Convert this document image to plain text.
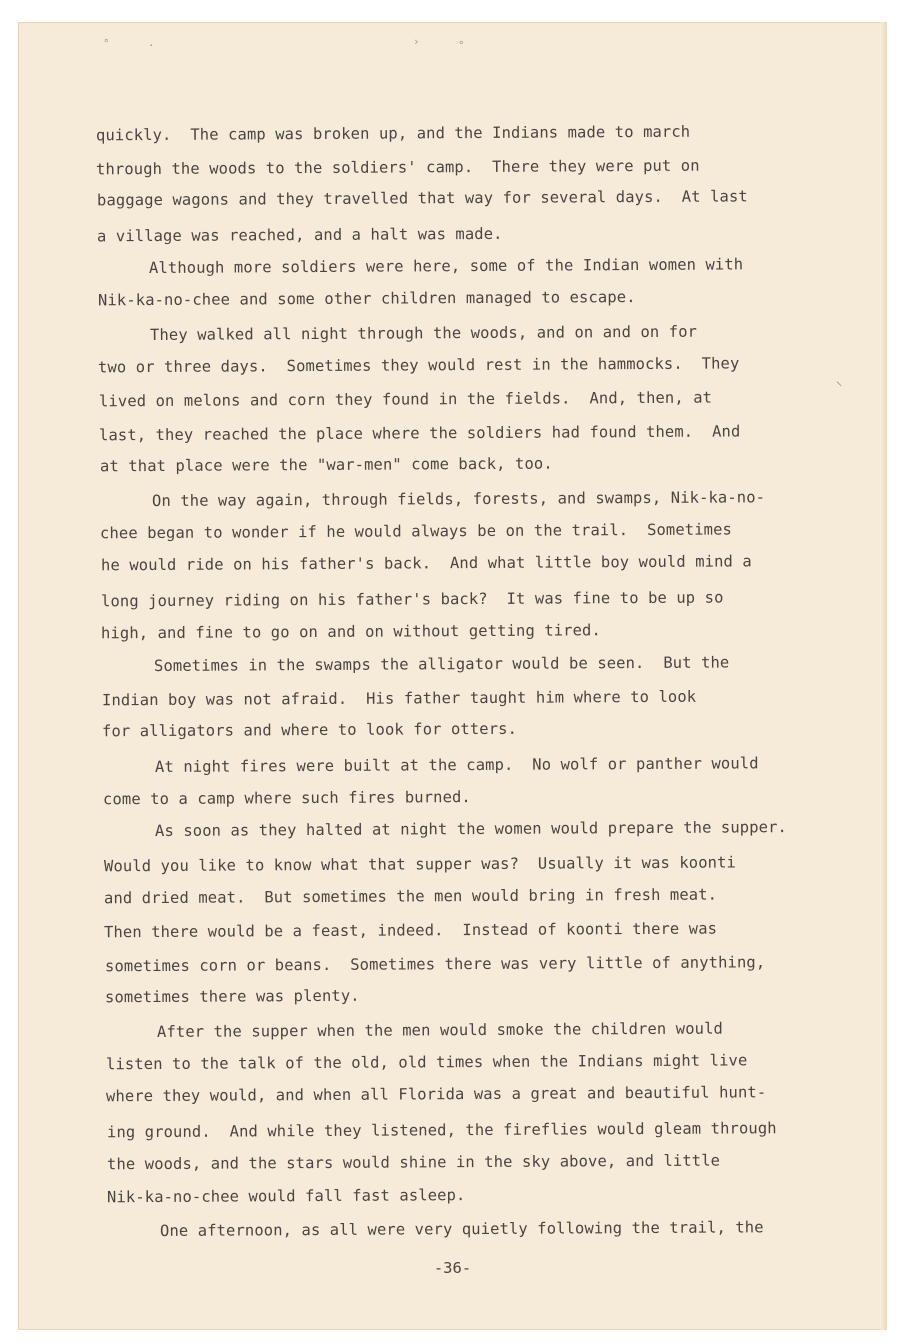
°	·	›	°
⸌
quickly.  The camp was broken up, and the Indians made to march
through the woods to the soldiers' camp.  There they were put on
baggage wagons and they travelled that way for several days.  At last
a village was reached, and a halt was made.
Although more soldiers were here, some of the Indian women with
Nik-ka-no-chee and some other children managed to escape.
They walked all night through the woods, and on and on for
two or three days.  Sometimes they would rest in the hammocks.  They
lived on melons and corn they found in the fields.  And, then, at
last, they reached the place where the soldiers had found them.  And
at that place were the "war-men" come back, too.
On the way again, through fields, forests, and swamps, Nik-ka-no-
chee began to wonder if he would always be on the trail.  Sometimes
he would ride on his father's back.  And what little boy would mind a
long journey riding on his father's back?  It was fine to be up so
high, and fine to go on and on without getting tired.
Sometimes in the swamps the alligator would be seen.  But the
Indian boy was not afraid.  His father taught him where to look
for alligators and where to look for otters.
At night fires were built at the camp.  No wolf or panther would
come to a camp where such fires burned.
As soon as they halted at night the women would prepare the supper.
Would you like to know what that supper was?  Usually it was koonti
and dried meat.  But sometimes the men would bring in fresh meat.
Then there would be a feast, indeed.  Instead of koonti there was
sometimes corn or beans.  Sometimes there was very little of anything,
sometimes there was plenty.
After the supper when the men would smoke the children would
listen to the talk of the old, old times when the Indians might live
where they would, and when all Florida was a great and beautiful hunt-
ing ground.  And while they listened, the fireflies would gleam through
the woods, and the stars would shine in the sky above, and little
Nik-ka-no-chee would fall fast asleep.
One afternoon, as all were very quietly following the trail, the
-36-
